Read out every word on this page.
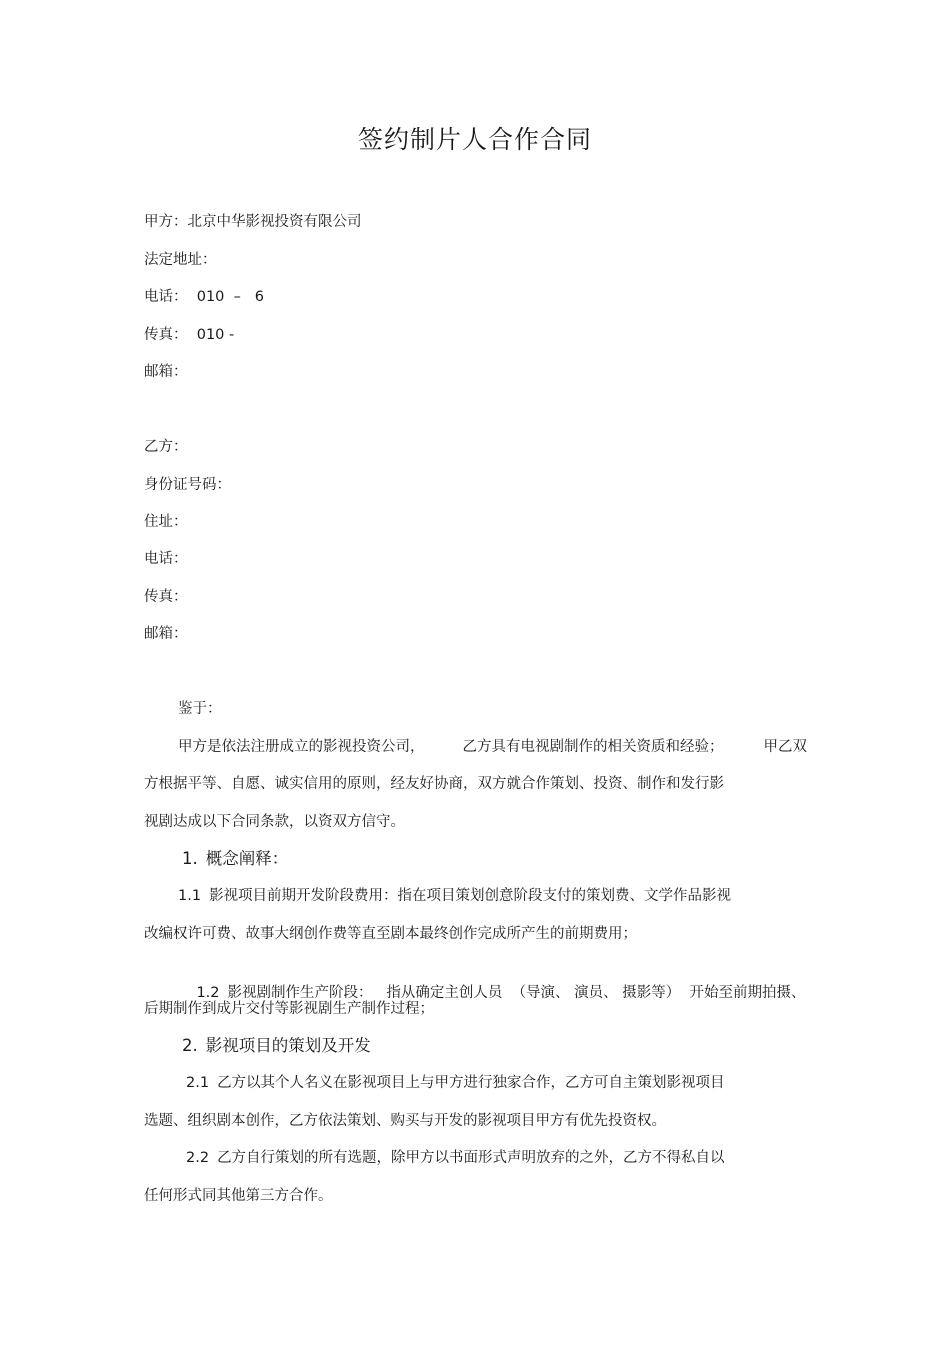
签约制片人合作合同
甲方：北京中华影视投资有限公司
法定地址：
电话：  010  –   6
传真：  010 -
邮箱：
乙方：
身份证号码：
住址：
电话：
传真：
邮箱：
鉴于：
甲方是依法注册成立的影视投资公司，	乙方具有电视剧制作的相关资质和经验；	甲乙双
方根据平等、自愿、诚实信用的原则，经友好协商，双方就合作策划、投资、制作和发行影
视剧达成以下合同条款，以资双方信守。
1. 概念阐释：
1.1 影视项目前期开发阶段费用：指在项目策划创意阶段支付的策划费、文学作品影视
改编权许可费、故事大纲创作费等直至剧本最终创作完成所产生的前期费用；

1.2 影视剧制作生产阶段：   指从确定主创人员  （导演、 演员、 摄影等）  开始至前期拍摄、

后期制作到成片交付等影视剧生产制作过程；
2. 影视项目的策划及开发
2.1 乙方以其个人名义在影视项目上与甲方进行独家合作，乙方可自主策划影视项目
选题、组织剧本创作，乙方依法策划、购买与开发的影视项目甲方有优先投资权。
2.2 乙方自行策划的所有选题，除甲方以书面形式声明放弃的之外，乙方不得私自以
任何形式同其他第三方合作。
